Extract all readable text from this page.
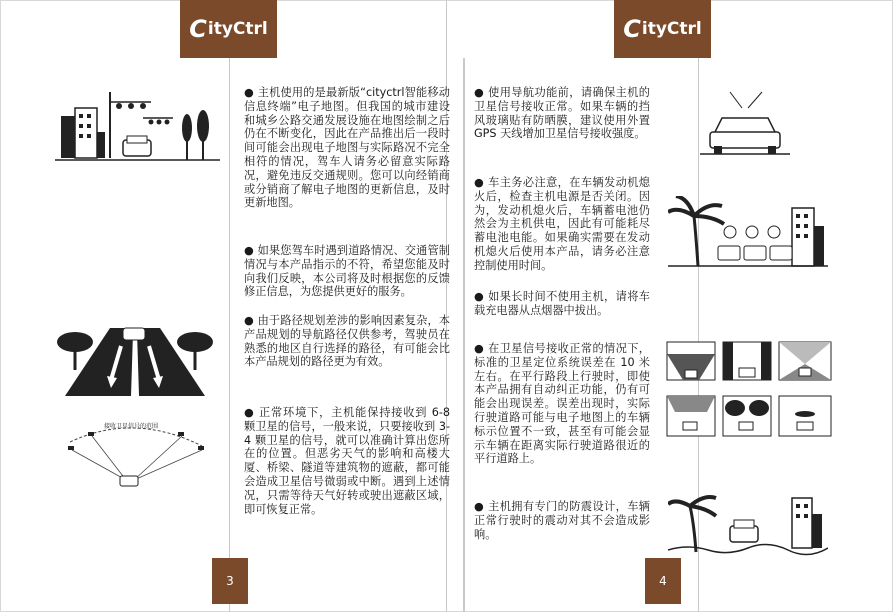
C ityCtrl	C ityCtrl

● 主机使用的是最新版“cityctrl智能移动信息终端”电子地图。但我国的城市建设和城乡公路交通发展设施在地图绘制之后仍在不断变化，因此在产品推出后一段时间可能会出现电子地图与实际路况不完全相符的情况，驾车人请务必留意实际路况，避免违反交通规则。您可以向经销商或分销商了解电子地图的更新信息，及时更新地图。

● 如果您驾车时遇到道路情况、交通管制情况与本产品指示的不符，希望您能及时向我们反映，本公司将及时根据您的反馈修正信息，为您提供更好的服务。

● 由于路径规划差涉的影响因素复杂，本产品规划的导航路径仅供参考，驾驶员在熟悉的地区自行选择的路径，有可能会比本产品规划的路径更为有效。

● 正常环境下，主机能保持接收到 6-8 颗卫星的信号，一般来说，只要接收到 3-4 颗卫星的信号，就可以准确计算出您所在的位置。但恶劣天气的影响和高楼大厦、桥梁、隧道等建筑物的遮蔽，都可能会造成卫星信号微弱或中断。遇到上述情况，只需等待天气好转或驶出遮蔽区域，即可恢复正常。

● 使用导航功能前，请确保主机的卫星信号接收正常。如果车辆的挡风玻璃贴有防晒膜，建议使用外置 GPS 天线增加卫星信号接收强度。

● 车主务必注意，在车辆发动机熄火后，检查主机电源是否关闭。因为，发动机熄火后，车辆蓄电池仍然会为主机供电，因此有可能耗尽蓄电池电能。如果确实需要在发动机熄火后使用本产品，请务必注意控制使用时间。

● 如果长时间不使用主机，请将车载充电器从点烟器中拔出。

● 在卫星信号接收正常的情况下，标准的卫星定位系统误差在 10 米左右。在平行路段上行驶时，即使本产品拥有自动纠正功能，仍有可能会出现误差。误差出现时，实际行驶道路可能与电子地图上的车辆标示位置不一致，甚至有可能会显示车辆在距离实际行驶道路很近的平行道路上。

● 主机拥有专门的防震设计，车辆正常行驶时的震动对其不会造成影响。

3	4
接收卫星信号的范围
